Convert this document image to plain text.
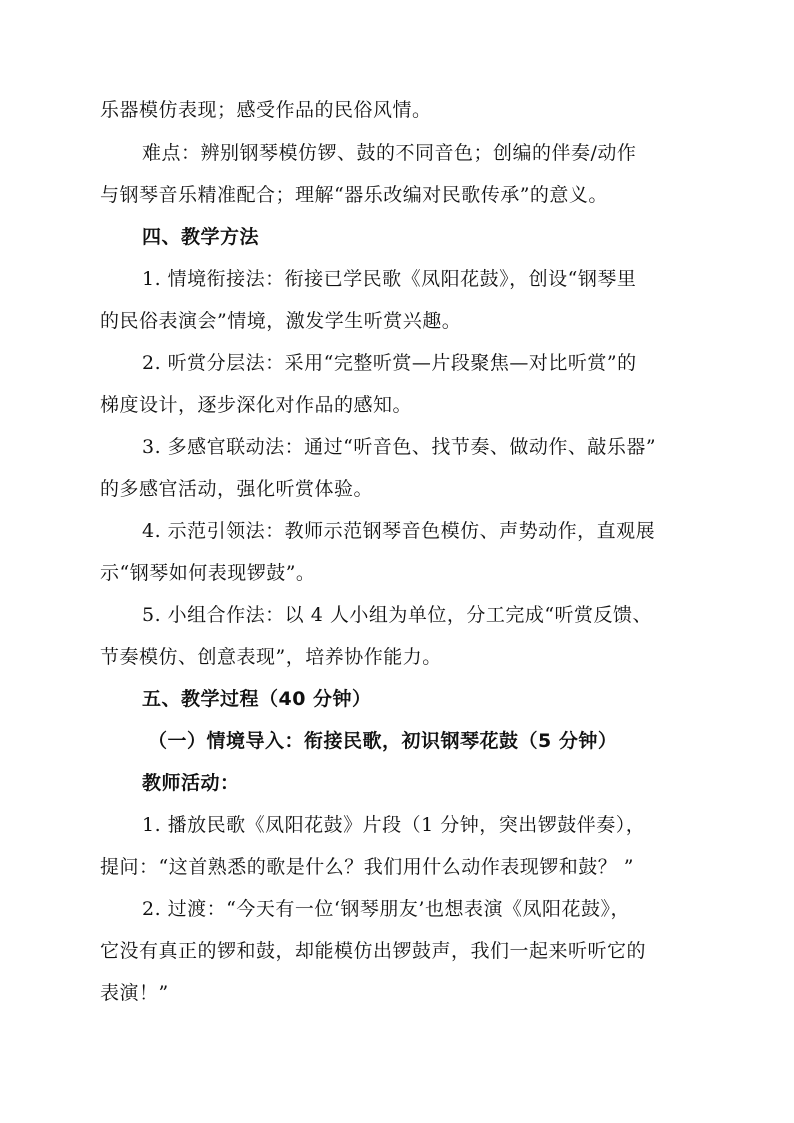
乐器模仿表现；感受作品的民俗风情。
难点：辨别钢琴模仿锣、鼓的不同音色；创编的伴奏/动作
与钢琴音乐精准配合；理解“器乐改编对民歌传承”的意义。
四、教学方法
1. 情境衔接法：衔接已学民歌《凤阳花鼓》，创设“钢琴里
的民俗表演会”情境，激发学生听赏兴趣。
2. 听赏分层法：采用“完整听赏—片段聚焦—对比听赏”的
梯度设计，逐步深化对作品的感知。
3. 多感官联动法：通过“听音色、找节奏、做动作、敲乐器”
的多感官活动，强化听赏体验。
4. 示范引领法：教师示范钢琴音色模仿、声势动作，直观展
示“钢琴如何表现锣鼓”。
5. 小组合作法：以 4 人小组为单位，分工完成“听赏反馈、
节奏模仿、创意表现”，培养协作能力。
五、教学过程（40 分钟）
（一）情境导入：衔接民歌，初识钢琴花鼓（5 分钟）
教师活动：
1. 播放民歌《凤阳花鼓》片段（1 分钟，突出锣鼓伴奏），
提问：“这首熟悉的歌是什么？我们用什么动作表现锣和鼓？ ”
2. 过渡：“今天有一位‘钢琴朋友’也想表演《凤阳花鼓》，
它没有真正的锣和鼓，却能模仿出锣鼓声，我们一起来听听它的
表演！”
